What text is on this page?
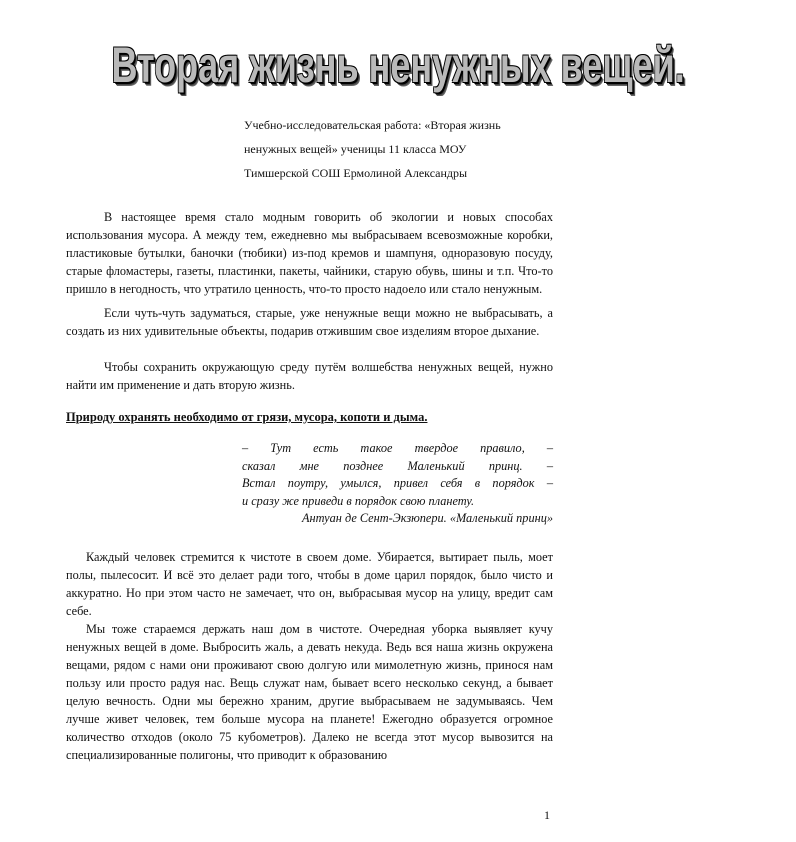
Вторая жизнь ненужных вещей.
Учебно-исследовательская работа: «Вторая жизнь
ненужных вещей» ученицы 11 класса МОУ
Тимшерской СОШ Ермолиной Александры
В настоящее время стало модным говорить об экологии и новых способах использования мусора. А между тем, ежедневно мы выбрасываем всевозможные коробки, пластиковые бутылки, баночки (тюбики) из-под кремов и шампуня, одноразовую посуду, старые фломастеры, газеты, пластинки, пакеты, чайники, старую обувь, шины и т.п. Что-то пришло в негодность, что утратило ценность, что-то просто надоело или стало ненужным.
Если чуть-чуть задуматься, старые, уже ненужные вещи можно не выбрасывать, а создать из них удивительные объекты, подарив отжившим свое изделиям второе дыхание.
Чтобы сохранить окружающую среду путём волшебства ненужных вещей, нужно найти им применение и дать вторую жизнь.
Природу охранять необходимо от грязи, мусора, копоти и дыма.
– Тут есть такое твердое правило, –
сказал мне позднее Маленький принц. –
Встал поутру, умылся, привел себя в порядок –
и сразу же приведи в порядок свою планету.
Антуан де Сент-Экзюпери. «Маленький принц»
Каждый человек стремится к чистоте в своем доме. Убирается, вытирает пыль, моет полы, пылесосит. И всё это делает ради того, чтобы в доме царил порядок, было чисто и аккуратно. Но при этом часто не замечает, что он, выбрасывая мусор на улицу, вредит сам себе.
Мы тоже стараемся держать наш дом в чистоте. Очередная уборка выявляет кучу ненужных вещей в доме. Выбросить жаль, а девать некуда. Ведь вся наша жизнь окружена вещами, рядом с нами они проживают свою долгую или мимолетную жизнь, принося нам пользу или просто радуя нас. Вещь служат нам, бывает всего несколько секунд, а бывает целую вечность. Одни мы бережно храним, другие выбрасываем не задумываясь. Чем лучше живет человек, тем больше мусора на планете! Ежегодно образуется огромное количество отходов (около 75 кубометров). Далеко не всегда этот мусор вывозится на специализированные полигоны, что приводит к образованию
1
